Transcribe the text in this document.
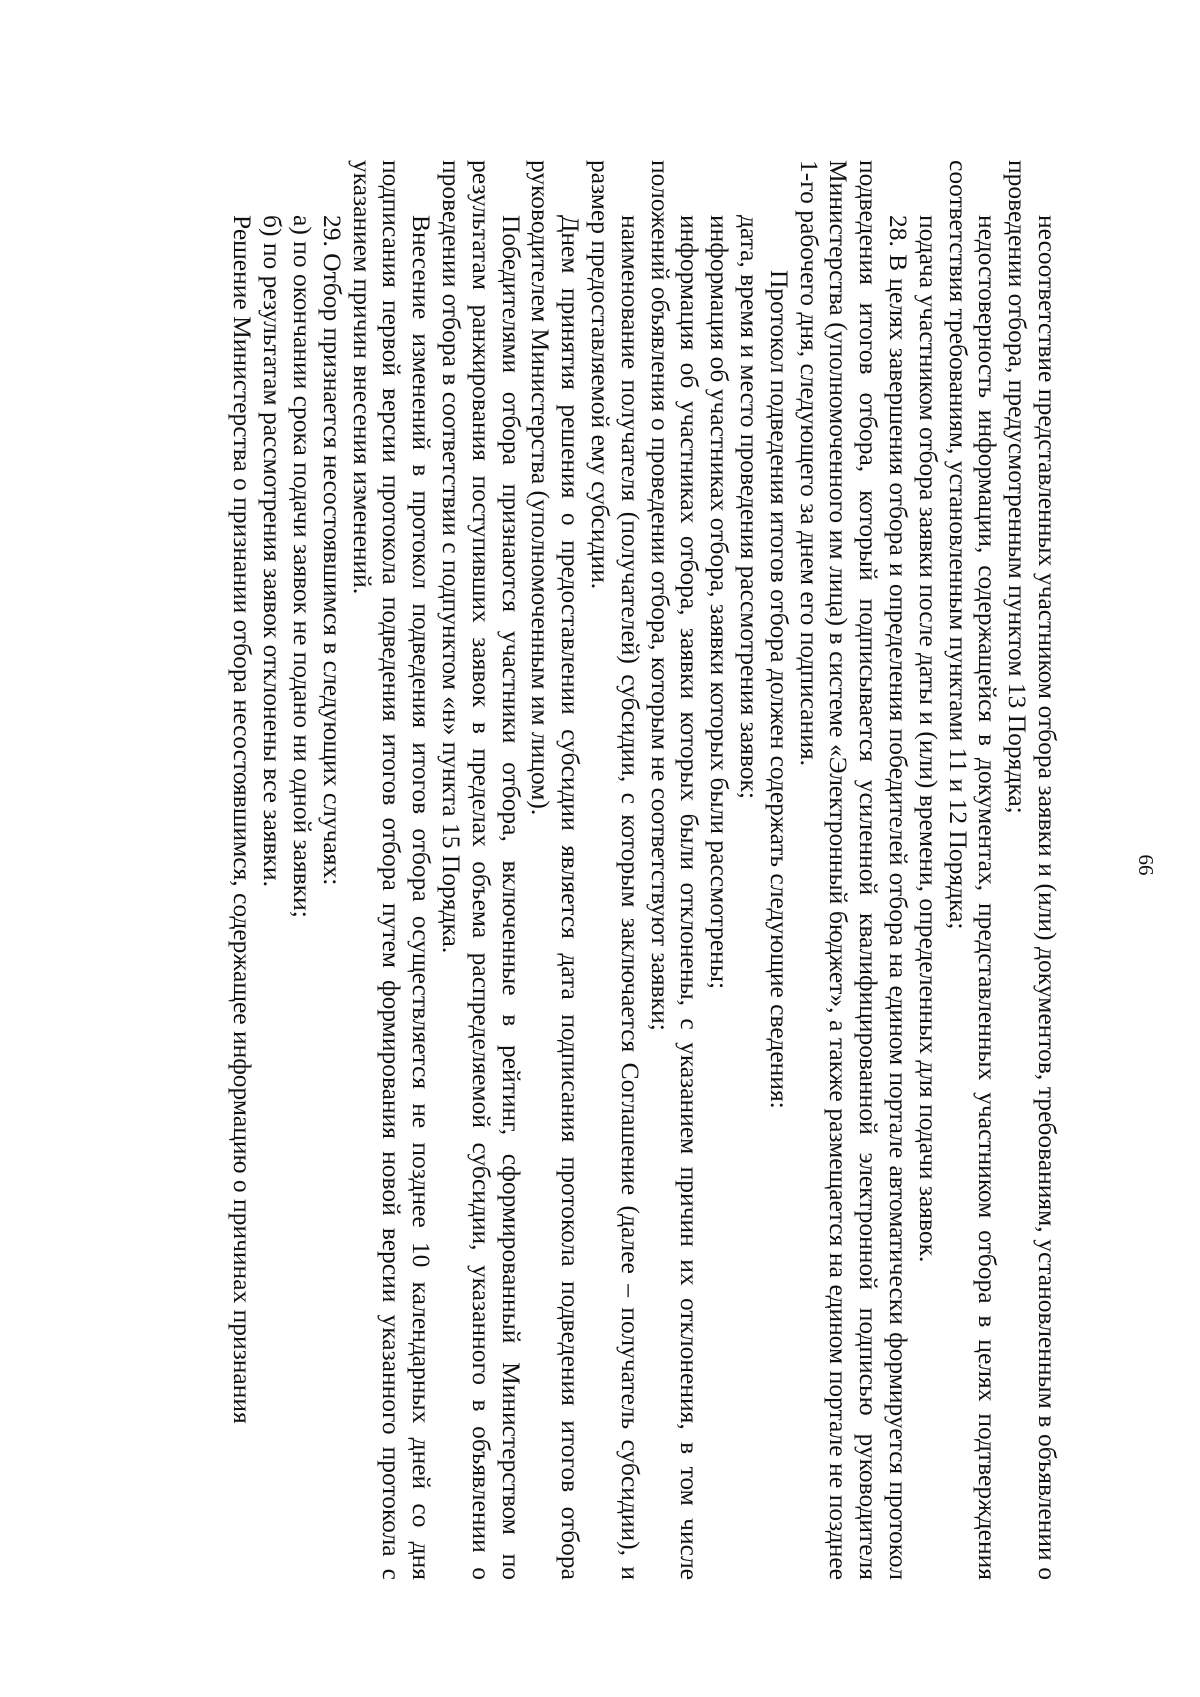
66

несоответствие представленных участником отбора заявки и (или) документов, требованиям, установленным в объявлении о проведении отбора, предусмотренным пунктом 13 Порядка;

недостоверность информации, содержащейся в документах, представленных участником отбора в целях подтверждения соответствия требованиям, установленным пунктами 11 и 12 Порядка;

подача участником отбора заявки после даты и (или) времени, определенных для подачи заявок.

28. В целях завершения отбора и определения победителей отбора на едином портале автоматически формируется протокол подведения итогов отбора, который подписывается усиленной квалифицированной электронной подписью руководителя Министерства (уполномоченного им лица) в системе «Электронный бюджет», а также размещается на едином портале не позднее 1-го рабочего дня, следующего за днем его подписания.

Протокол подведения итогов отбора должен содержать следующие сведения:

дата, время и место проведения рассмотрения заявок;

информация об участниках отбора, заявки которых были рассмотрены;

информация об участниках отбора, заявки которых были отклонены, с указанием причин их отклонения, в том числе положений объявления о проведении отбора, которым не соответствуют заявки;

наименование получателя (получателей) субсидии, с которым заключается Соглашение (далее – получатель субсидии), и размер предоставляемой ему субсидии.

Днем принятия решения о предоставлении субсидии является дата подписания протокола подведения итогов отбора руководителем Министерства (уполномоченным им лицом).

Победителями отбора признаются участники отбора, включенные в рейтинг, сформированный Министерством по результатам ранжирования поступивших заявок в пределах объема распределяемой субсидии, указанного в объявлении о проведении отбора в соответствии с подпунктом «н» пункта 15 Порядка.

Внесение изменений в протокол подведения итогов отбора осуществляется не позднее 10 календарных дней со дня подписания первой версии протокола подведения итогов отбора путем формирования новой версии указанного протокола с указанием причин внесения изменений.

29. Отбор признается несостоявшимся в следующих случаях:

а) по окончании срока подачи заявок не подано ни одной заявки;

б) по результатам рассмотрения заявок отклонены все заявки.

Решение Министерства о признании отбора несостоявшимся, содержащее информацию о причинах признания
